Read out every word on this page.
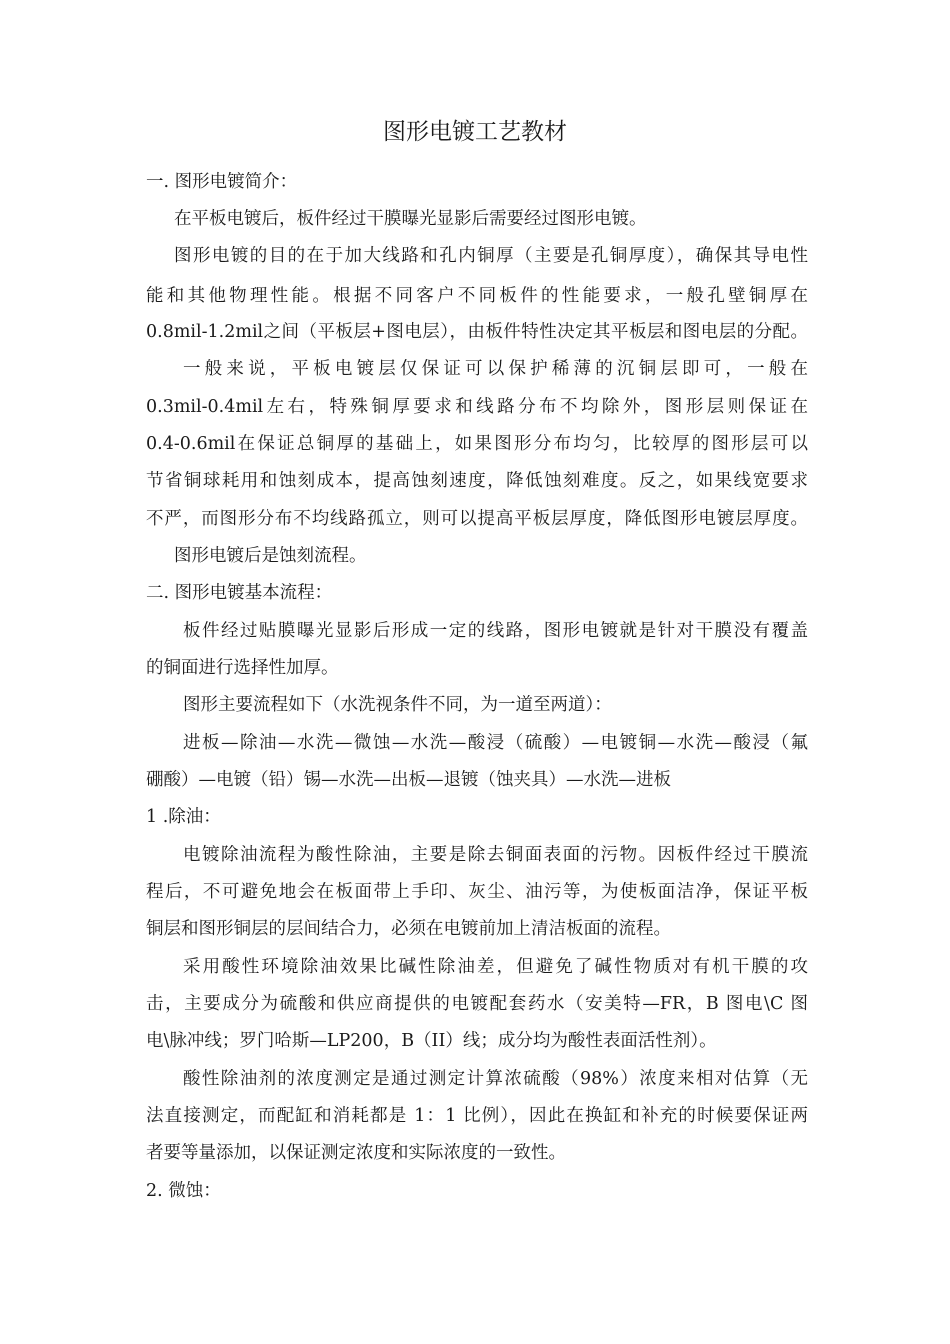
图形电镀工艺教材
一. 图形电镀简介：
在平板电镀后，板件经过干膜曝光显影后需要经过图形电镀。
图形电镀的目的在于加大线路和孔内铜厚（主要是孔铜厚度），确保其导电性
能和其他物理性能。根据不同客户不同板件的性能要求，一般孔壁铜厚在
0.8mil-1.2mil之间（平板层+图电层），由板件特性决定其平板层和图电层的分配。
一般来说，平板电镀层仅保证可以保护稀薄的沉铜层即可，一般在
0.3mil-0.4mil左右，特殊铜厚要求和线路分布不均除外，图形层则保证在
0.4-0.6mil在保证总铜厚的基础上，如果图形分布均匀，比较厚的图形层可以
节省铜球耗用和蚀刻成本，提高蚀刻速度，降低蚀刻难度。反之，如果线宽要求
不严，而图形分布不均线路孤立，则可以提高平板层厚度，降低图形电镀层厚度。
图形电镀后是蚀刻流程。
二. 图形电镀基本流程：
板件经过贴膜曝光显影后形成一定的线路，图形电镀就是针对干膜没有覆盖
的铜面进行选择性加厚。
图形主要流程如下（水洗视条件不同，为一道至两道）：
进板—除油—水洗—微蚀—水洗—酸浸（硫酸）—电镀铜—水洗—酸浸（氟
硼酸）—电镀（铅）锡—水洗—出板—退镀（蚀夹具）—水洗—进板
1 .除油：
电镀除油流程为酸性除油，主要是除去铜面表面的污物。因板件经过干膜流
程后，不可避免地会在板面带上手印、灰尘、油污等，为使板面洁净，保证平板
铜层和图形铜层的层间结合力，必须在电镀前加上清洁板面的流程。
采用酸性环境除油效果比碱性除油差，但避免了碱性物质对有机干膜的攻
击，主要成分为硫酸和供应商提供的电镀配套药水（安美特—FR，B 图电\C 图
电\脉冲线；罗门哈斯—LP200，B（II）线；成分均为酸性表面活性剂）。
酸性除油剂的浓度测定是通过测定计算浓硫酸（98%）浓度来相对估算（无
法直接测定，而配缸和消耗都是 1：1 比例），因此在换缸和补充的时候要保证两
者要等量添加，以保证测定浓度和实际浓度的一致性。
2. 微蚀：
